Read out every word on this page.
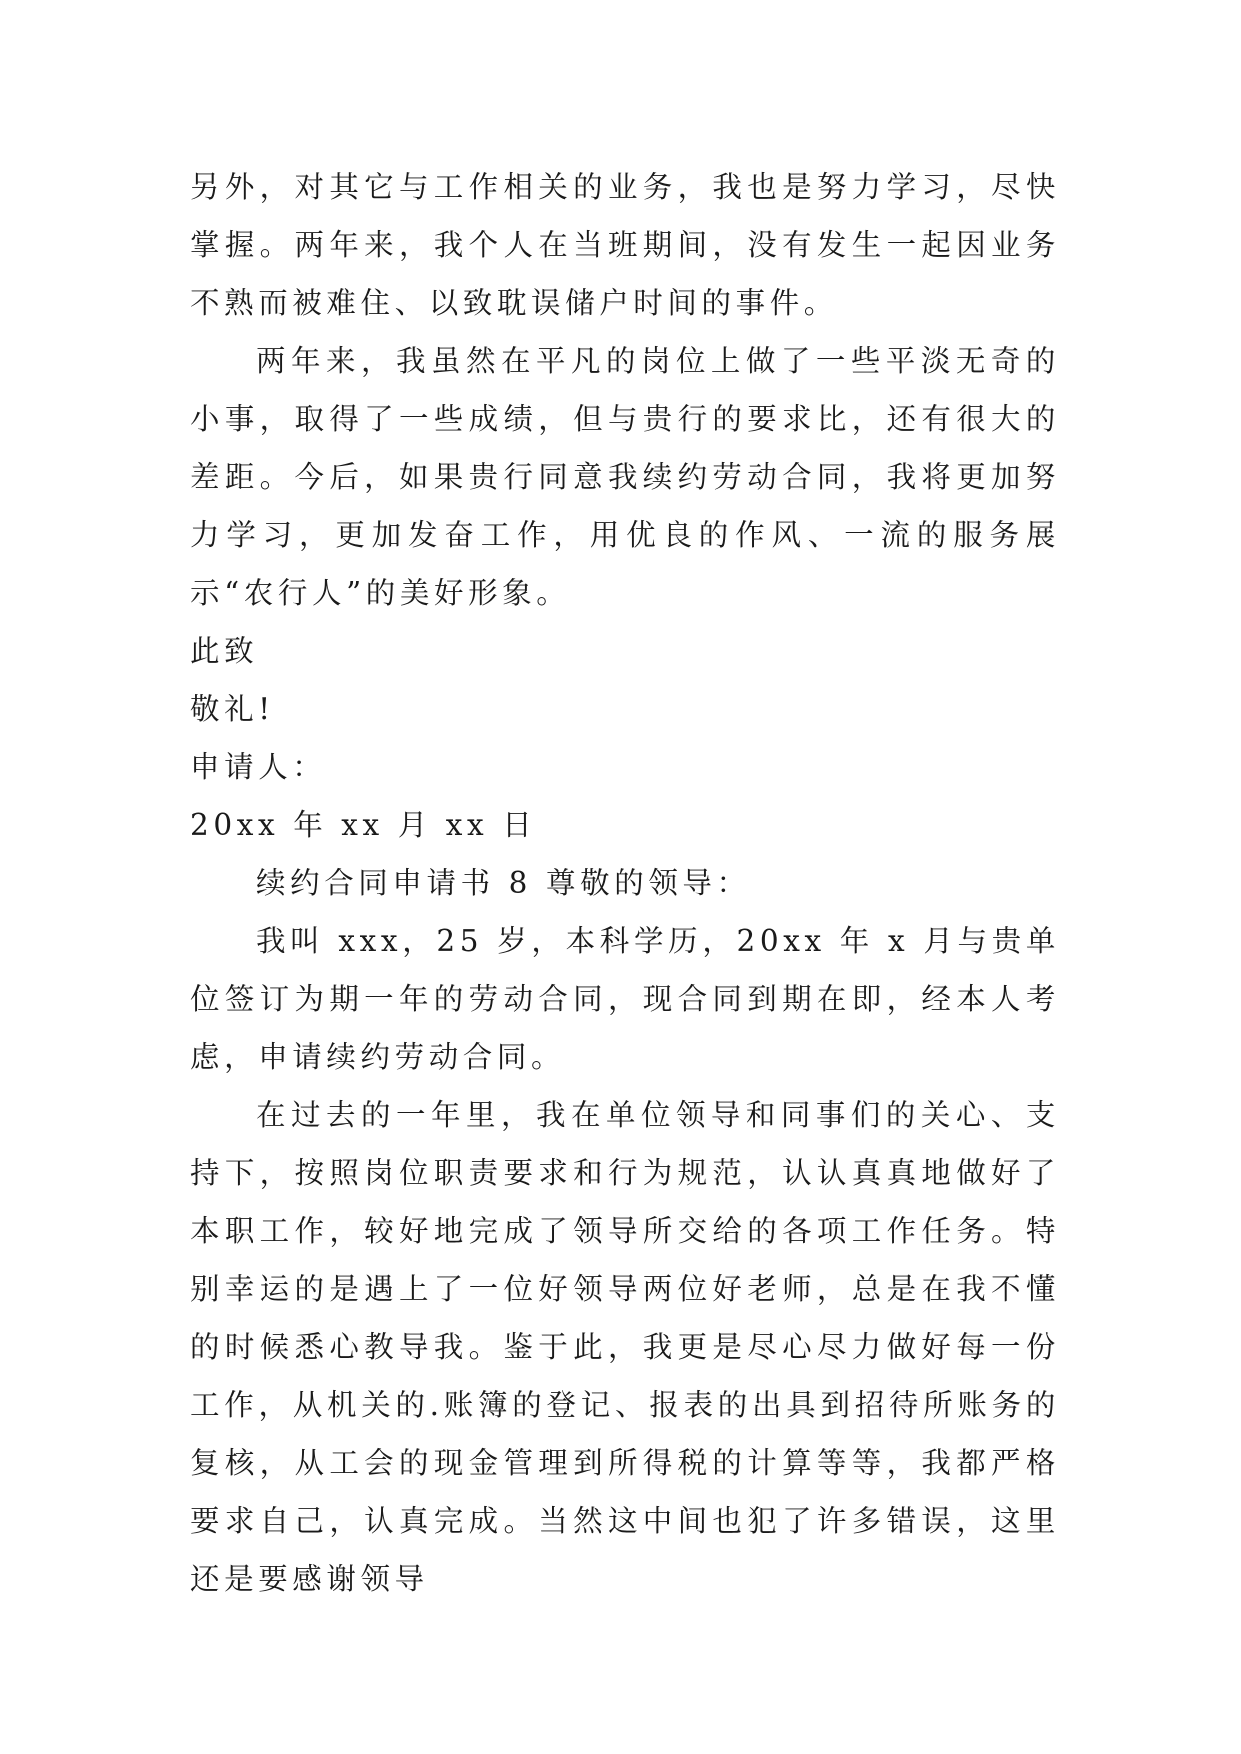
另外，对其它与工作相关的业务，我也是努力学习，尽快掌握。两年来，我个人在当班期间，没有发生一起因业务不熟而被难住、以致耽误储户时间的事件。

两年来，我虽然在平凡的岗位上做了一些平淡无奇的小事，取得了一些成绩，但与贵行的要求比，还有很大的差距。今后，如果贵行同意我续约劳动合同，我将更加努力学习，更加发奋工作，用优良的作风、一流的服务展示“农行人”的美好形象。

此致

敬礼!

申请人：

20xx 年 xx 月 xx 日

续约合同申请书 8 尊敬的领导：

我叫 xxx，25 岁，本科学历，20xx 年 x 月与贵单位签订为期一年的劳动合同，现合同到期在即，经本人考虑，申请续约劳动合同。

在过去的一年里，我在单位领导和同事们的关心、支持下，按照岗位职责要求和行为规范，认认真真地做好了本职工作，较好地完成了领导所交给的各项工作任务。特别幸运的是遇上了一位好领导两位好老师，总是在我不懂的时候悉心教导我。鉴于此，我更是尽心尽力做好每一份工作，从机关的.账簿的登记、报表的出具到招待所账务的复核，从工会的现金管理到所得税的计算等等，我都严格要求自己，认真完成。当然这中间也犯了许多错误，这里还是要感谢领导
